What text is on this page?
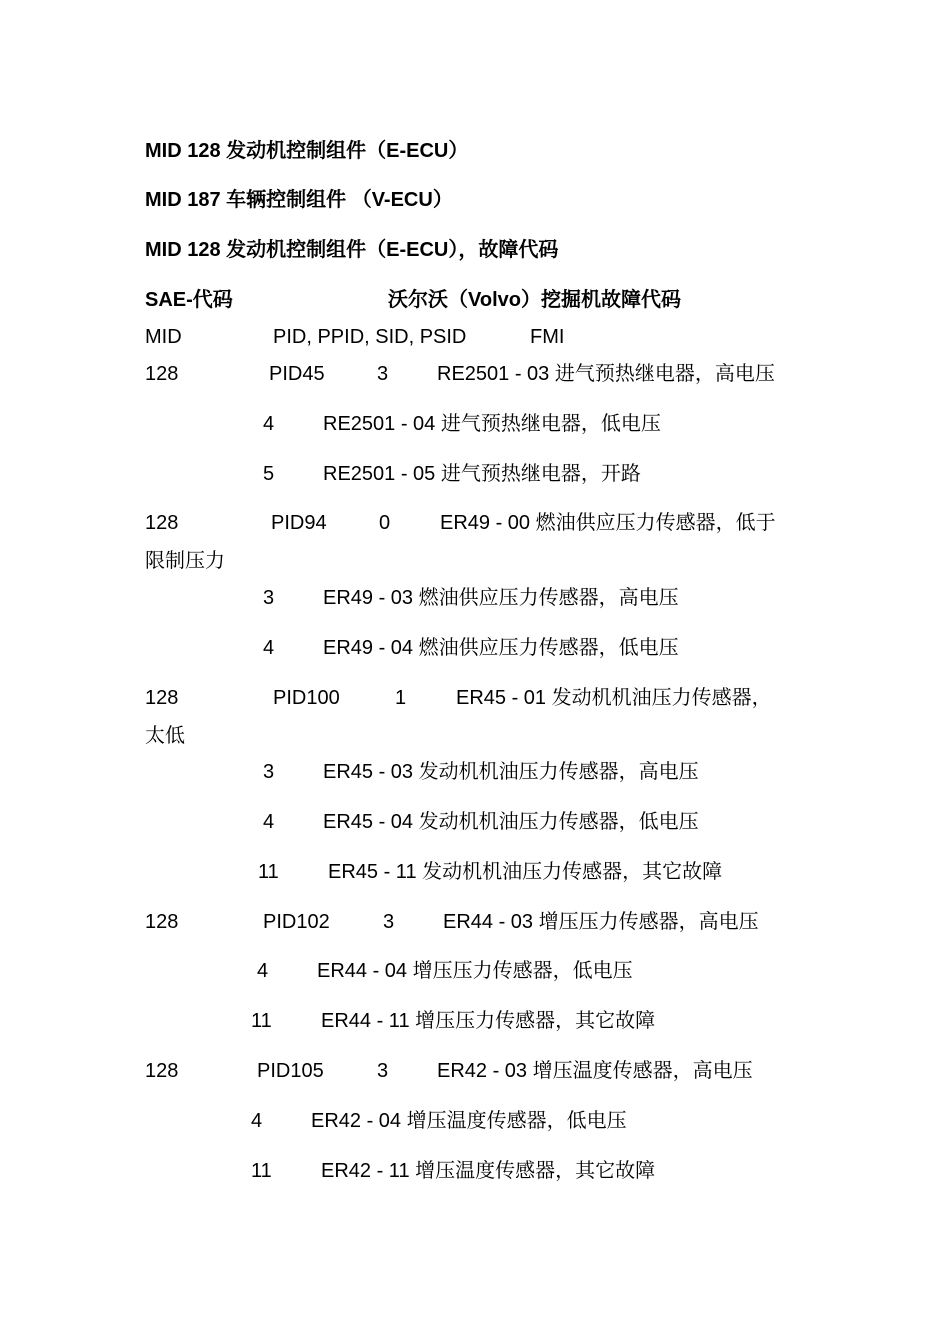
MID 128 发动机控制组件（E-ECU）
MID 187 车辆控制组件 （V-ECU）
MID 128 发动机控制组件（E-ECU），故障代码
SAE-代码	沃尔沃（Volvo）挖掘机故障代码
MID	PID, PPID, SID, PSID	FMI
128	PID45	3 RE2501 - 03 进气预热继电器，高电压
4 RE2501 - 04 进气预热继电器，低电压
5 RE2501 - 05 进气预热继电器，开路
128	PID94	0 ER49 - 00 燃油供应压力传感器，低于
限制压力
3 ER49 - 03 燃油供应压力传感器，高电压
4 ER49 - 04 燃油供应压力传感器，低电压
128	PID100	1 ER45 - 01 发动机机油压力传感器，
太低
3 ER45 - 03 发动机机油压力传感器，高电压
4 ER45 - 04 发动机机油压力传感器，低电压
11 ER45 - 11 发动机机油压力传感器，其它故障
128	PID102	3 ER44 - 03 增压压力传感器，高电压
4 ER44 - 04 增压压力传感器，低电压
11 ER44 - 11 增压压力传感器，其它故障
128	PID105	3 ER42 - 03 增压温度传感器，高电压
4 ER42 - 04 增压温度传感器，低电压
11 ER42 - 11 增压温度传感器，其它故障
